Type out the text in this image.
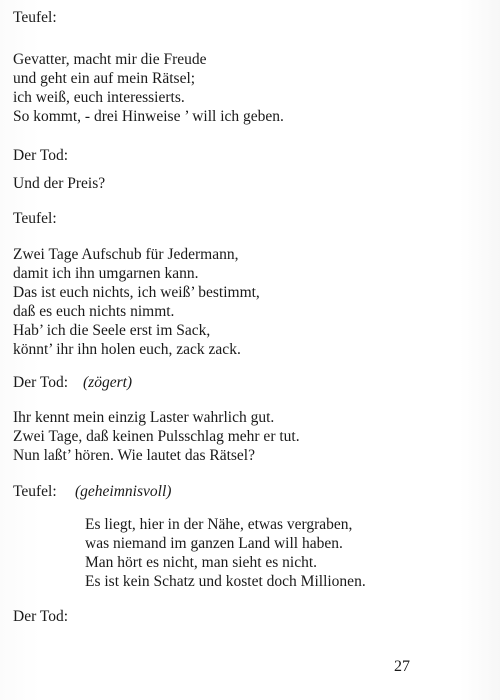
Teufel:

Gevatter, macht mir die Freude

und geht ein auf mein Rätsel;

ich weiß, euch interessierts.

So kommt, - drei Hinweise ’ will ich geben.

Der Tod:

Und der Preis?

Teufel:

Zwei Tage Aufschub für Jedermann,

damit ich ihn umgarnen kann.

Das ist euch nichts, ich weiß’ bestimmt,

daß es euch nichts nimmt.

Hab’ ich die Seele erst im Sack,

könnt’ ihr ihn holen euch, zack zack.

Der Tod: (zögert)

Ihr kennt mein einzig Laster wahrlich gut.

Zwei Tage, daß keinen Pulsschlag mehr er tut.

Nun laßt’ hören. Wie lautet das Rätsel?

Teufel: (geheimnisvoll)

Es liegt, hier in der Nähe, etwas vergraben,

was niemand im ganzen Land will haben.

Man hört es nicht, man sieht es nicht.

Es ist kein Schatz und kostet doch Millionen.

Der Tod:

27
